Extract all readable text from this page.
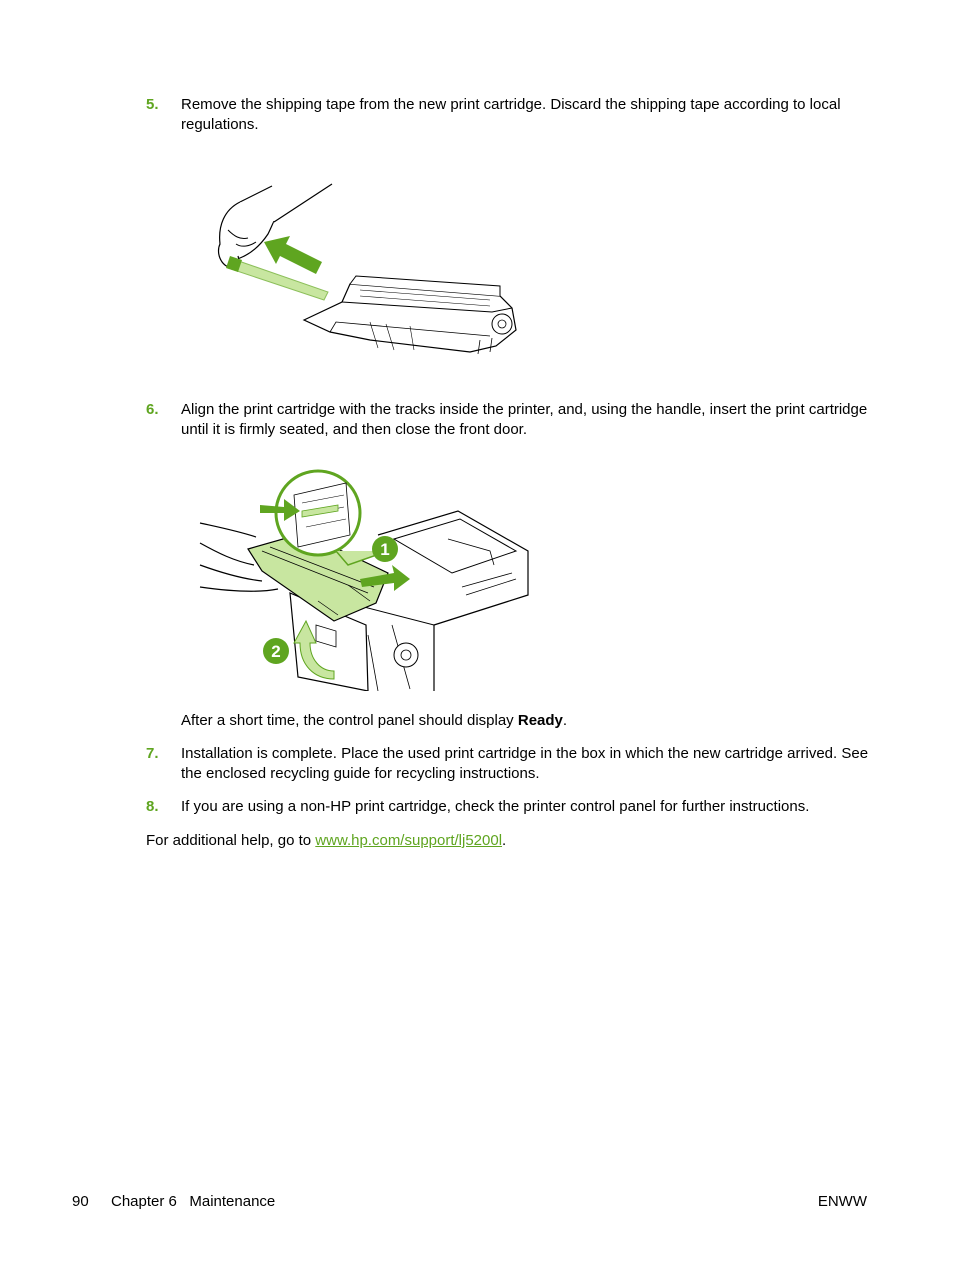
5. Remove the shipping tape from the new print cartridge. Discard the shipping tape according to local regulations.
6. Align the print cartridge with the tracks inside the printer, and, using the handle, insert the print cartridge until it is firmly seated, and then close the front door.
1
2
After a short time, the control panel should display Ready.
7. Installation is complete. Place the used print cartridge in the box in which the new cartridge arrived. See the enclosed recycling guide for recycling instructions.
8. If you are using a non-HP print cartridge, check the printer control panel for further instructions.
For additional help, go to www.hp.com/support/lj5200l.
90 Chapter 6   Maintenance	ENWW
